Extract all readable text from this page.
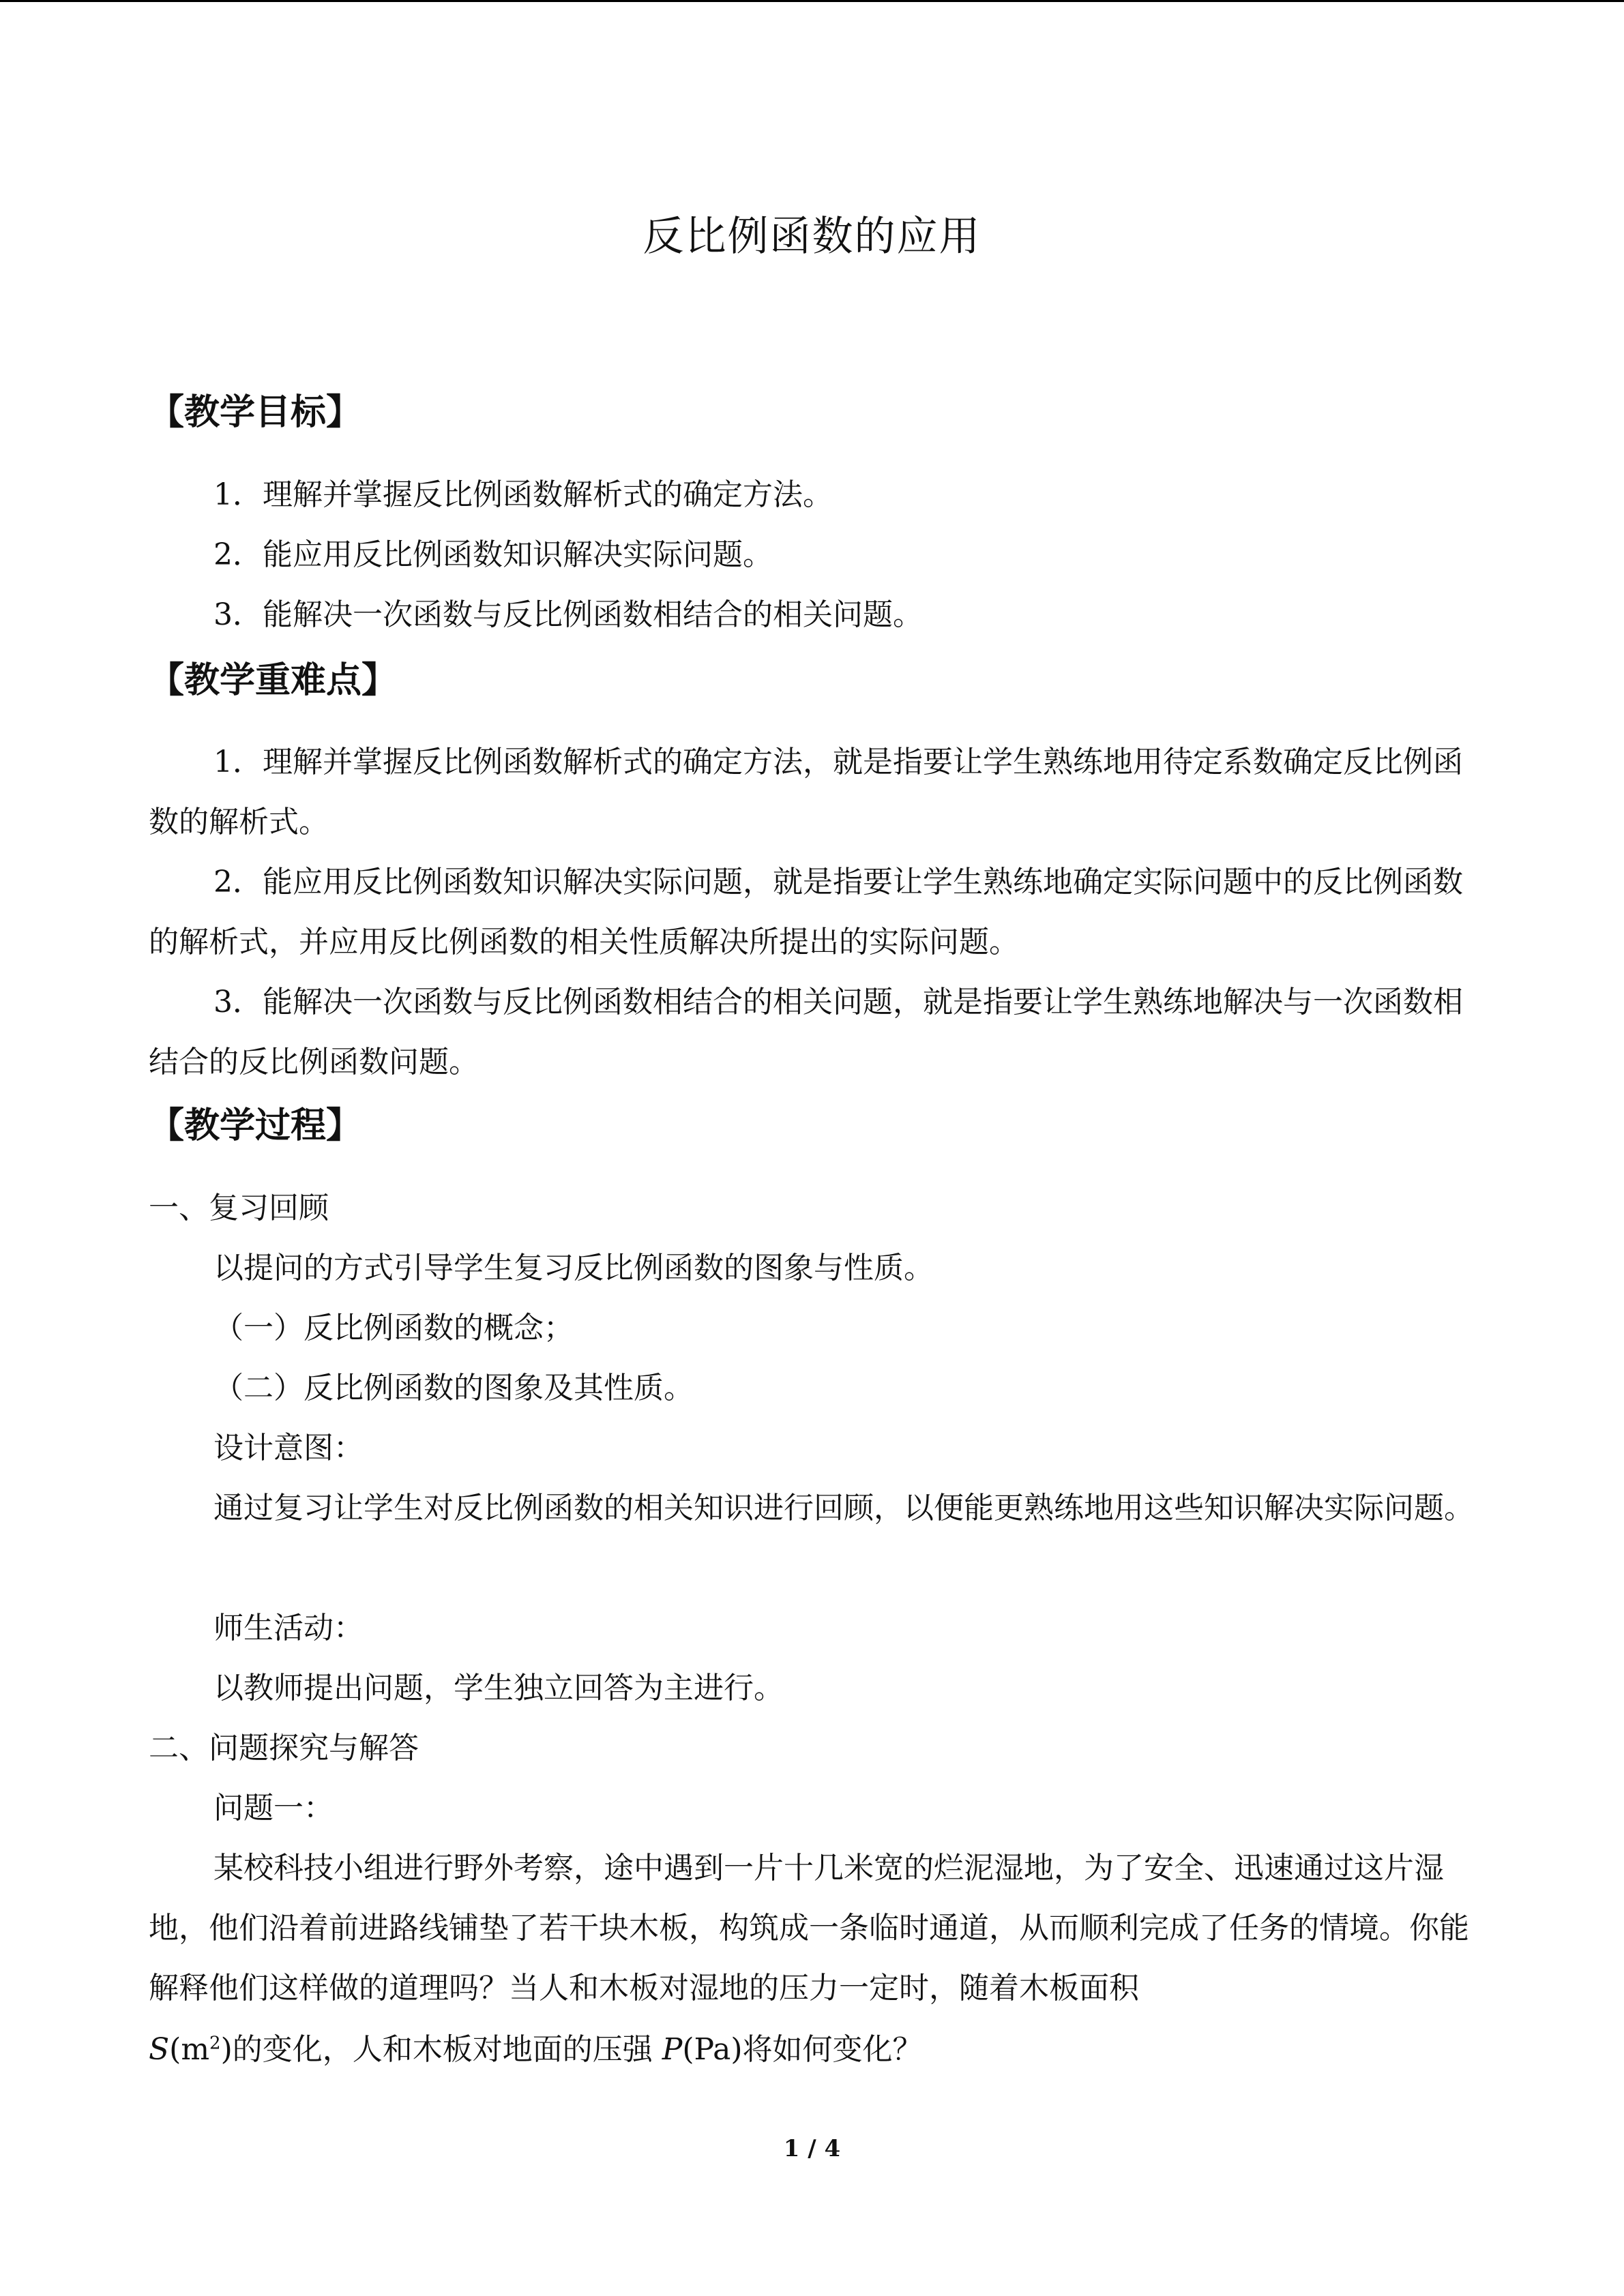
反比例函数的应用
【教学目标】
1．理解并掌握反比例函数解析式的确定方法。
2．能应用反比例函数知识解决实际问题。
3．能解决一次函数与反比例函数相结合的相关问题。
【教学重难点】
1．理解并掌握反比例函数解析式的确定方法，就是指要让学生熟练地用待定系数确定反比例函数的解析式。
2．能应用反比例函数知识解决实际问题，就是指要让学生熟练地确定实际问题中的反比例函数的解析式，并应用反比例函数的相关性质解决所提出的实际问题。
3．能解决一次函数与反比例函数相结合的相关问题，就是指要让学生熟练地解决与一次函数相结合的反比例函数问题。
【教学过程】
一、复习回顾
以提问的方式引导学生复习反比例函数的图象与性质。
（一）反比例函数的概念；
（二）反比例函数的图象及其性质。
设计意图：
通过复习让学生对反比例函数的相关知识进行回顾，以便能更熟练地用这些知识解决实际问题。
师生活动：
以教师提出问题，学生独立回答为主进行。
二、问题探究与解答
问题一：
某校科技小组进行野外考察，途中遇到一片十几米宽的烂泥湿地，为了安全、迅速通过这片湿地，他们沿着前进路线铺垫了若干块木板，构筑成一条临时通道，从而顺利完成了任务的情境。你能解释他们这样做的道理吗？当人和木板对湿地的压力一定时，随着木板面积
$S(m^2)$的变化，人和木板对地面的压强 P(Pa)将如何变化？
1 / 4
